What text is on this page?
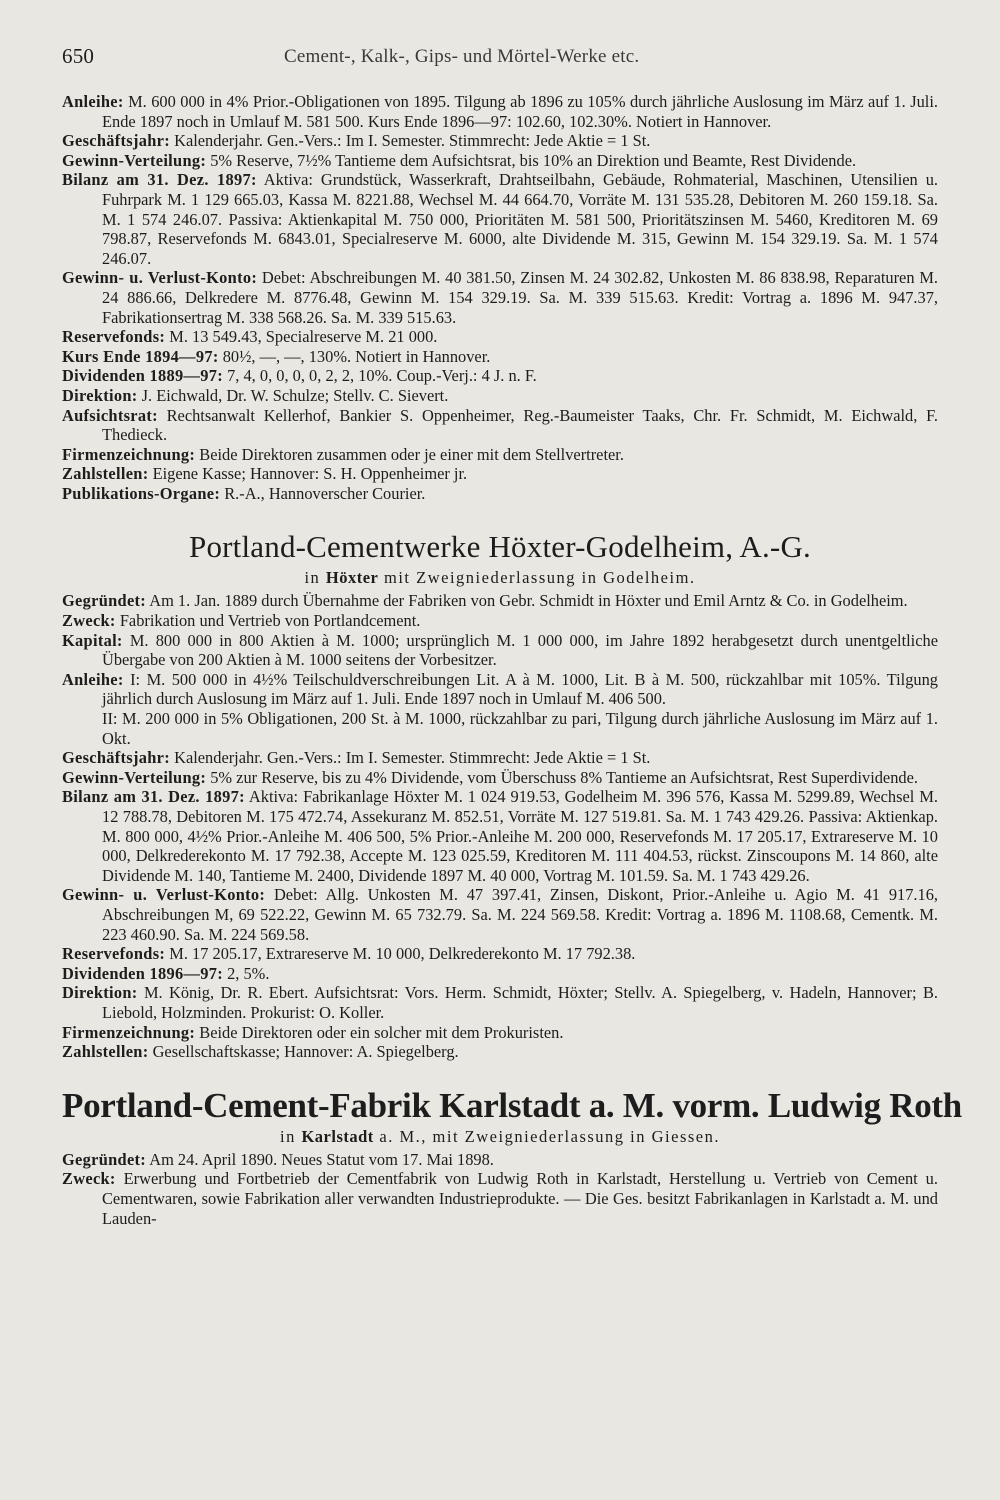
650	Cement-, Kalk-, Gips- und Mörtel-Werke etc.

Anleihe: M. 600 000 in 4% Prior.-Obligationen von 1895. Tilgung ab 1896 zu 105% durch jährliche Auslosung im März auf 1. Juli. Ende 1897 noch in Umlauf M. 581 500. Kurs Ende 1896—97: 102.60, 102.30%. Notiert in Hannover.

Geschäftsjahr: Kalenderjahr. Gen.-Vers.: Im I. Semester. Stimmrecht: Jede Aktie = 1 St.

Gewinn-Verteilung: 5% Reserve, 7½% Tantieme dem Aufsichtsrat, bis 10% an Direktion und Beamte, Rest Dividende.

Bilanz am 31. Dez. 1897: Aktiva: Grundstück, Wasserkraft, Drahtseilbahn, Gebäude, Rohmaterial, Maschinen, Utensilien u. Fuhrpark M. 1 129 665.03, Kassa M. 8221.88, Wechsel M. 44 664.70, Vorräte M. 131 535.28, Debitoren M. 260 159.18. Sa. M. 1 574 246.07. Passiva: Aktienkapital M. 750 000, Prioritäten M. 581 500, Prioritätszinsen M. 5460, Kreditoren M. 69 798.87, Reservefonds M. 6843.01, Specialreserve M. 6000, alte Dividende M. 315, Gewinn M. 154 329.19. Sa. M. 1 574 246.07.

Gewinn- u. Verlust-Konto: Debet: Abschreibungen M. 40 381.50, Zinsen M. 24 302.82, Unkosten M. 86 838.98, Reparaturen M. 24 886.66, Delkredere M. 8776.48, Gewinn M. 154 329.19. Sa. M. 339 515.63. Kredit: Vortrag a. 1896 M. 947.37, Fabrikationsertrag M. 338 568.26. Sa. M. 339 515.63.

Reservefonds: M. 13 549.43, Specialreserve M. 21 000.

Kurs Ende 1894—97: 80½, —, —, 130%. Notiert in Hannover.

Dividenden 1889—97: 7, 4, 0, 0, 0, 0, 2, 2, 10%. Coup.-Verj.: 4 J. n. F.

Direktion: J. Eichwald, Dr. W. Schulze; Stellv. C. Sievert.

Aufsichtsrat: Rechtsanwalt Kellerhof, Bankier S. Oppenheimer, Reg.-Baumeister Taaks, Chr. Fr. Schmidt, M. Eichwald, F. Thedieck.

Firmenzeichnung: Beide Direktoren zusammen oder je einer mit dem Stellvertreter.

Zahlstellen: Eigene Kasse; Hannover: S. H. Oppenheimer jr.

Publikations-Organe: R.-A., Hannoverscher Courier.

Portland-Cementwerke Höxter-Godelheim, A.-G.
in Höxter mit Zweigniederlassung in Godelheim.

Gegründet: Am 1. Jan. 1889 durch Übernahme der Fabriken von Gebr. Schmidt in Höxter und Emil Arntz & Co. in Godelheim.

Zweck: Fabrikation und Vertrieb von Portlandcement.

Kapital: M. 800 000 in 800 Aktien à M. 1000; ursprünglich M. 1 000 000, im Jahre 1892 herabgesetzt durch unentgeltliche Übergabe von 200 Aktien à M. 1000 seitens der Vorbesitzer.

Anleihe: I: M. 500 000 in 4½% Teilschuldverschreibungen Lit. A à M. 1000, Lit. B à M. 500, rückzahlbar mit 105%. Tilgung jährlich durch Auslosung im März auf 1. Juli. Ende 1897 noch in Umlauf M. 406 500.

II: M. 200 000 in 5% Obligationen, 200 St. à M. 1000, rückzahlbar zu pari, Tilgung durch jährliche Auslosung im März auf 1. Okt.

Geschäftsjahr: Kalenderjahr. Gen.-Vers.: Im I. Semester. Stimmrecht: Jede Aktie = 1 St.

Gewinn-Verteilung: 5% zur Reserve, bis zu 4% Dividende, vom Überschuss 8% Tantieme an Aufsichtsrat, Rest Superdividende.

Bilanz am 31. Dez. 1897: Aktiva: Fabrikanlage Höxter M. 1 024 919.53, Godelheim M. 396 576, Kassa M. 5299.89, Wechsel M. 12 788.78, Debitoren M. 175 472.74, Assekuranz M. 852.51, Vorräte M. 127 519.81. Sa. M. 1 743 429.26. Passiva: Aktienkap. M. 800 000, 4½% Prior.-Anleihe M. 406 500, 5% Prior.-Anleihe M. 200 000, Reservefonds M. 17 205.17, Extrareserve M. 10 000, Delkrederekonto M. 17 792.38, Accepte M. 123 025.59, Kreditoren M. 111 404.53, rückst. Zinscoupons M. 14 860, alte Dividende M. 140, Tantieme M. 2400, Dividende 1897 M. 40 000, Vortrag M. 101.59. Sa. M. 1 743 429.26.

Gewinn- u. Verlust-Konto: Debet: Allg. Unkosten M. 47 397.41, Zinsen, Diskont, Prior.-Anleihe u. Agio M. 41 917.16, Abschreibungen M, 69 522.22, Gewinn M. 65 732.79. Sa. M. 224 569.58. Kredit: Vortrag a. 1896 M. 1108.68, Cementk. M. 223 460.90. Sa. M. 224 569.58.

Reservefonds: M. 17 205.17, Extrareserve M. 10 000, Delkrederekonto M. 17 792.38.

Dividenden 1896—97: 2, 5%.

Direktion: M. König, Dr. R. Ebert. Aufsichtsrat: Vors. Herm. Schmidt, Höxter; Stellv. A. Spiegelberg, v. Hadeln, Hannover; B. Liebold, Holzminden. Prokurist: O. Koller.

Firmenzeichnung: Beide Direktoren oder ein solcher mit dem Prokuristen.

Zahlstellen: Gesellschaftskasse; Hannover: A. Spiegelberg.

Portland-Cement-Fabrik Karlstadt a. M. vorm. Ludwig Roth
in Karlstadt a. M., mit Zweigniederlassung in Giessen.

Gegründet: Am 24. April 1890. Neues Statut vom 17. Mai 1898.

Zweck: Erwerbung und Fortbetrieb der Cementfabrik von Ludwig Roth in Karlstadt, Herstellung u. Vertrieb von Cement u. Cementwaren, sowie Fabrikation aller verwandten Industrieprodukte. — Die Ges. besitzt Fabrikanlagen in Karlstadt a. M. und Lauden-
